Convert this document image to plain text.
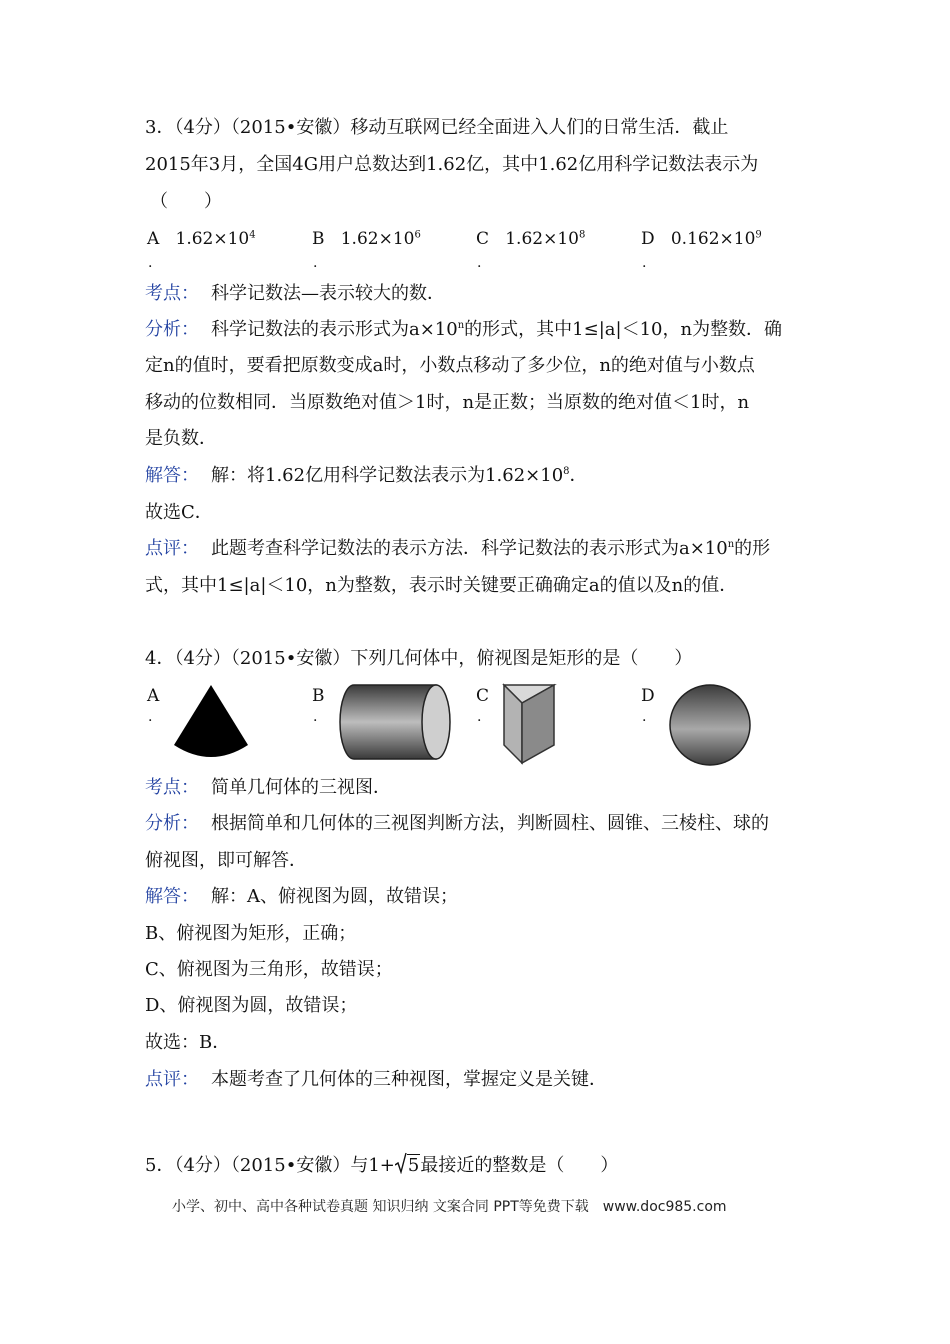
3．（4分）（2015•安徽）移动互联网已经全面进入人们的日常生活．截止
2015年3月，全国4G用户总数达到1.62亿，其中1.62亿用科学记数法表示为
（　　）
A $1.62\times 10^4$
.
B $1.62\times 10^6$
.
C $1.62\times 10^8$
.
D $0.162\times 10^9$
.
考点： 科学记数法—表示较大的数．
分析： 科学记数法的表示形式为$a\times 10^n$的形式，其中1≤|a|＜10，n为整数．确
定n的值时，要看把原数变成a时，小数点移动了多少位，n的绝对值与小数点
移动的位数相同．当原数绝对值＞1时，n是正数；当原数的绝对值＜1时，n
是负数．
解答： 解：将1.62亿用科学记数法表示为$1.62\times 10^8$．
故选C．
点评： 此题考查科学记数法的表示方法．科学记数法的表示形式为$a\times 10^n$的形
式，其中1≤|a|＜10，n为整数，表示时关键要正确确定a的值以及n的值．
4．（4分）（2015•安徽）下列几何体中，俯视图是矩形的是（　　）
A
.
B
.
C
.
D
.
考点： 简单几何体的三视图．
分析： 根据简单和几何体的三视图判断方法，判断圆柱、圆锥、三棱柱、球的
俯视图，即可解答．
解答： 解：A、俯视图为圆，故错误；
B、俯视图为矩形，正确；
C、俯视图为三角形，故错误；
D、俯视图为圆，故错误；
故选：B．
点评： 本题考查了几何体的三种视图，掌握定义是关键．
5．（4分）（2015•安徽）与1+ 5最接近的整数是（　　）
小学、初中、高中各种试卷真题 知识归纳 文案合同 PPT等免费下载　www.doc985.com
